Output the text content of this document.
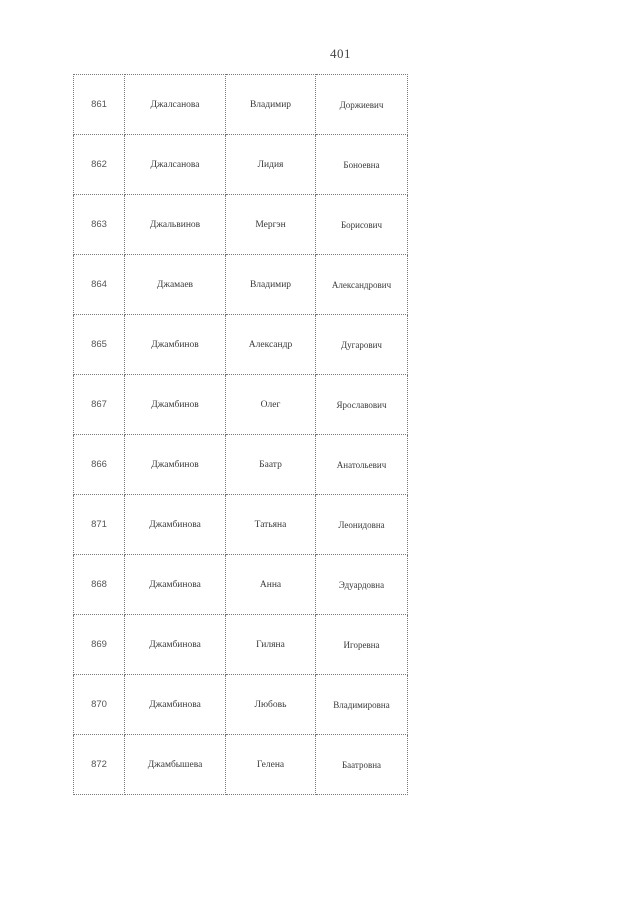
401
861	Джалсанова	Владимир	Доржиевич
862	Джалсанова	Лидия	Боноевна
863	Джальвинов	Мергэн	Борисович
864	Джамаев	Владимир	Александрович
865	Джамбинов	Александр	Дугарович
867	Джамбинов	Олег	Ярославович
866	Джамбинов	Баатр	Анатольевич
871	Джамбинова	Татьяна	Леонидовна
868	Джамбинова	Анна	Эдуардовна
869	Джамбинова	Гиляна	Игоревна
870	Джамбинова	Любовь	Владимировна
872	Джамбышева	Гелена	Баатровна
